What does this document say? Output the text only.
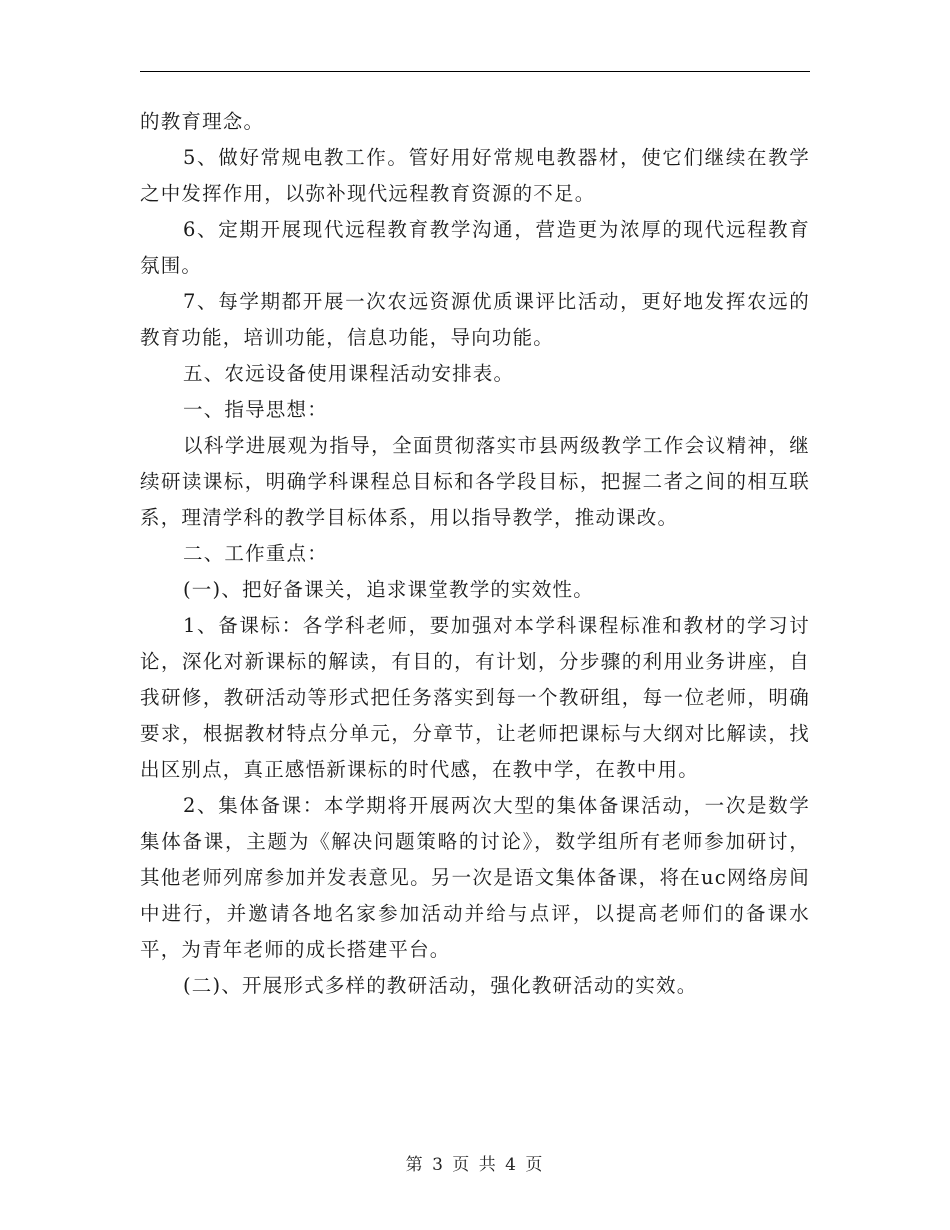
的教育理念。

5、做好常规电教工作。管好用好常规电教器材，使它们继续在教学之中发挥作用，以弥补现代远程教育资源的不足。

6、定期开展现代远程教育教学沟通，营造更为浓厚的现代远程教育氛围。

7、每学期都开展一次农远资源优质课评比活动，更好地发挥农远的教育功能，培训功能，信息功能，导向功能。

五、农远设备使用课程活动安排表。

一、指导思想：

以科学进展观为指导，全面贯彻落实市县两级教学工作会议精神，继续研读课标，明确学科课程总目标和各学段目标，把握二者之间的相互联系，理清学科的教学目标体系，用以指导教学，推动课改。

二、工作重点：

(一)、把好备课关，追求课堂教学的实效性。

1、备课标：各学科老师，要加强对本学科课程标准和教材的学习讨论，深化对新课标的解读，有目的，有计划，分步骤的利用业务讲座，自我研修，教研活动等形式把任务落实到每一个教研组，每一位老师，明确要求，根据教材特点分单元，分章节，让老师把课标与大纲对比解读，找出区别点，真正感悟新课标的时代感，在教中学，在教中用。

2、集体备课：本学期将开展两次大型的集体备课活动，一次是数学集体备课，主题为《解决问题策略的讨论》，数学组所有老师参加研讨，其他老师列席参加并发表意见。另一次是语文集体备课，将在uc网络房间中进行，并邀请各地名家参加活动并给与点评，以提高老师们的备课水平，为青年老师的成长搭建平台。

(二)、开展形式多样的教研活动，强化教研活动的实效。

第 3 页 共 4 页
